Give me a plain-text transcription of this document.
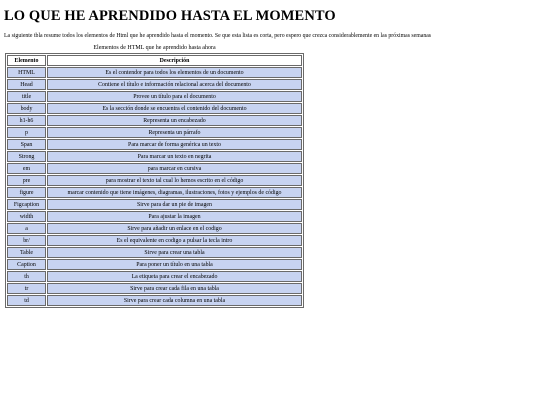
LO QUE HE APRENDIDO HASTA EL MOMENTO

La siguiente tbla resume todos los elementos de Html que he aprendido hasta el momento. Se que esta lista es corta, pero espero que crezca considerablemente en las próximas semanas

Elementos de HTML que he aprendido hasta ahora
Elemento	Descripción
HTML	Es el contendor para todos los elementos de un documento
Head	Contiene el título e información relacional acerca del documento
title	Provee un título para el documento
body	Es la sección donde se encuentra el contenido del documento
h1-h6	Representa un encabezado
p	Representa un párrafo
Span	Para marcar de forma genérica un texto
Strong	Para marcar un texto en negrita
em	para marcar en cursiva
pre	para mostrar el texto tal cual lo hemos escrito en el código
figure	marcar contenido que tiene imágenes, diagramas, ilustraciones, fotos y ejemplos de código
Figcaption	Sirve para dar un pie de imagen
width	Para ajustar la imagen
a	Sirve para añadir un enlace en el codigo
br/	Es el equivalente en codigo a pulsar la tecla intro
Table	Sirve para crear una tabla
Caption	Para poner un título en una tabla
th	La etiqueta para crear el encabezado
tr	Sirve para crear cada fila en una tabla
td	Sirve para crear cada columna en una tabla
